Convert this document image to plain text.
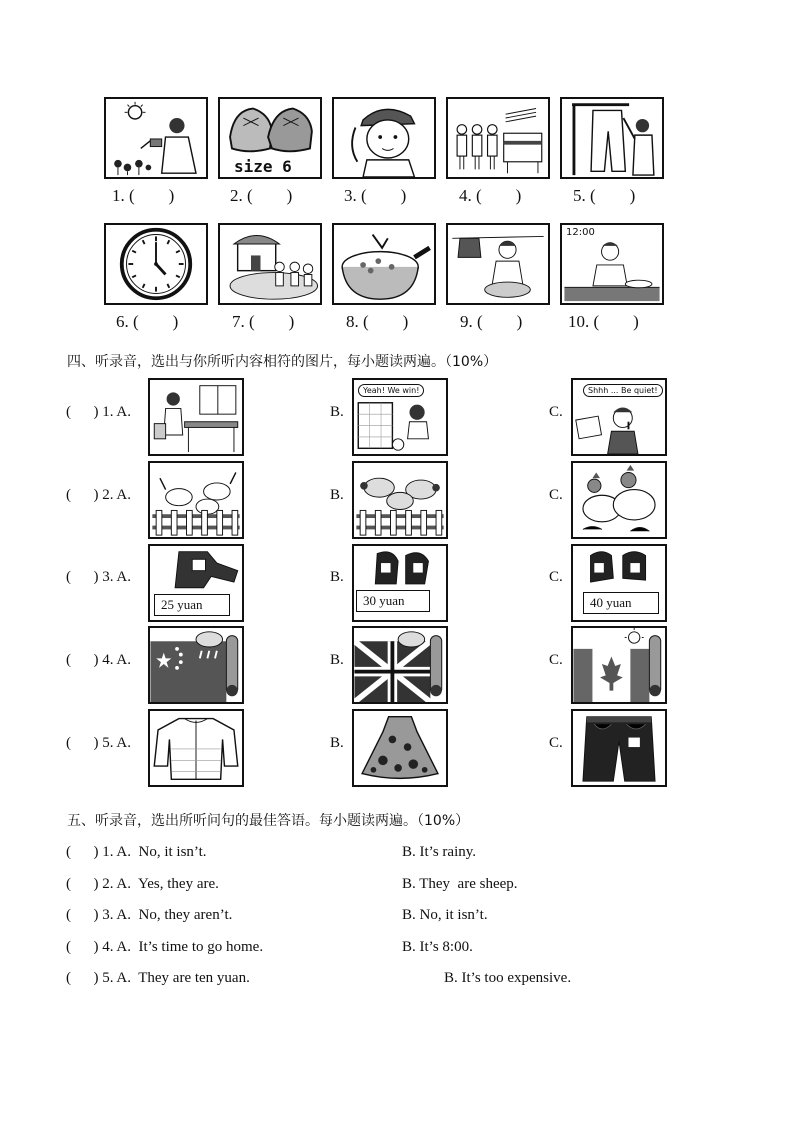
size 6
1. (        )	2. (        )	3. (        )	4. (        )	5. (        )
12:00
6. (        )	7. (        )	8. (        )	9. (        )	10. (        )
四、听录音，选出与你所听内容相符的图片，每小题读两遍。（10%）
(      ) 1. A.	B.	C.
Yeah! We win!	Shhh ... Be quiet!
(      ) 2. A.	B.	C.
(      ) 3. A.	B.	C.
25 yuan	30 yuan	40 yuan
(      ) 4. A.	B.	C.
(      ) 5. A.	B.	C.
五、听录音，选出所听问句的最佳答语。每小题读两遍。（10%）
(      ) 1. A.  No, it isn’t.	B. It’s rainy.
(      ) 2. A.  Yes, they are.	B. They  are sheep.
(      ) 3. A.  No, they aren’t.	B. No, it isn’t.
(      ) 4. A.  It’s time to go home.	B. It’s 8:00.
(      ) 5. A.  They are ten yuan.	B. It’s too expensive.
